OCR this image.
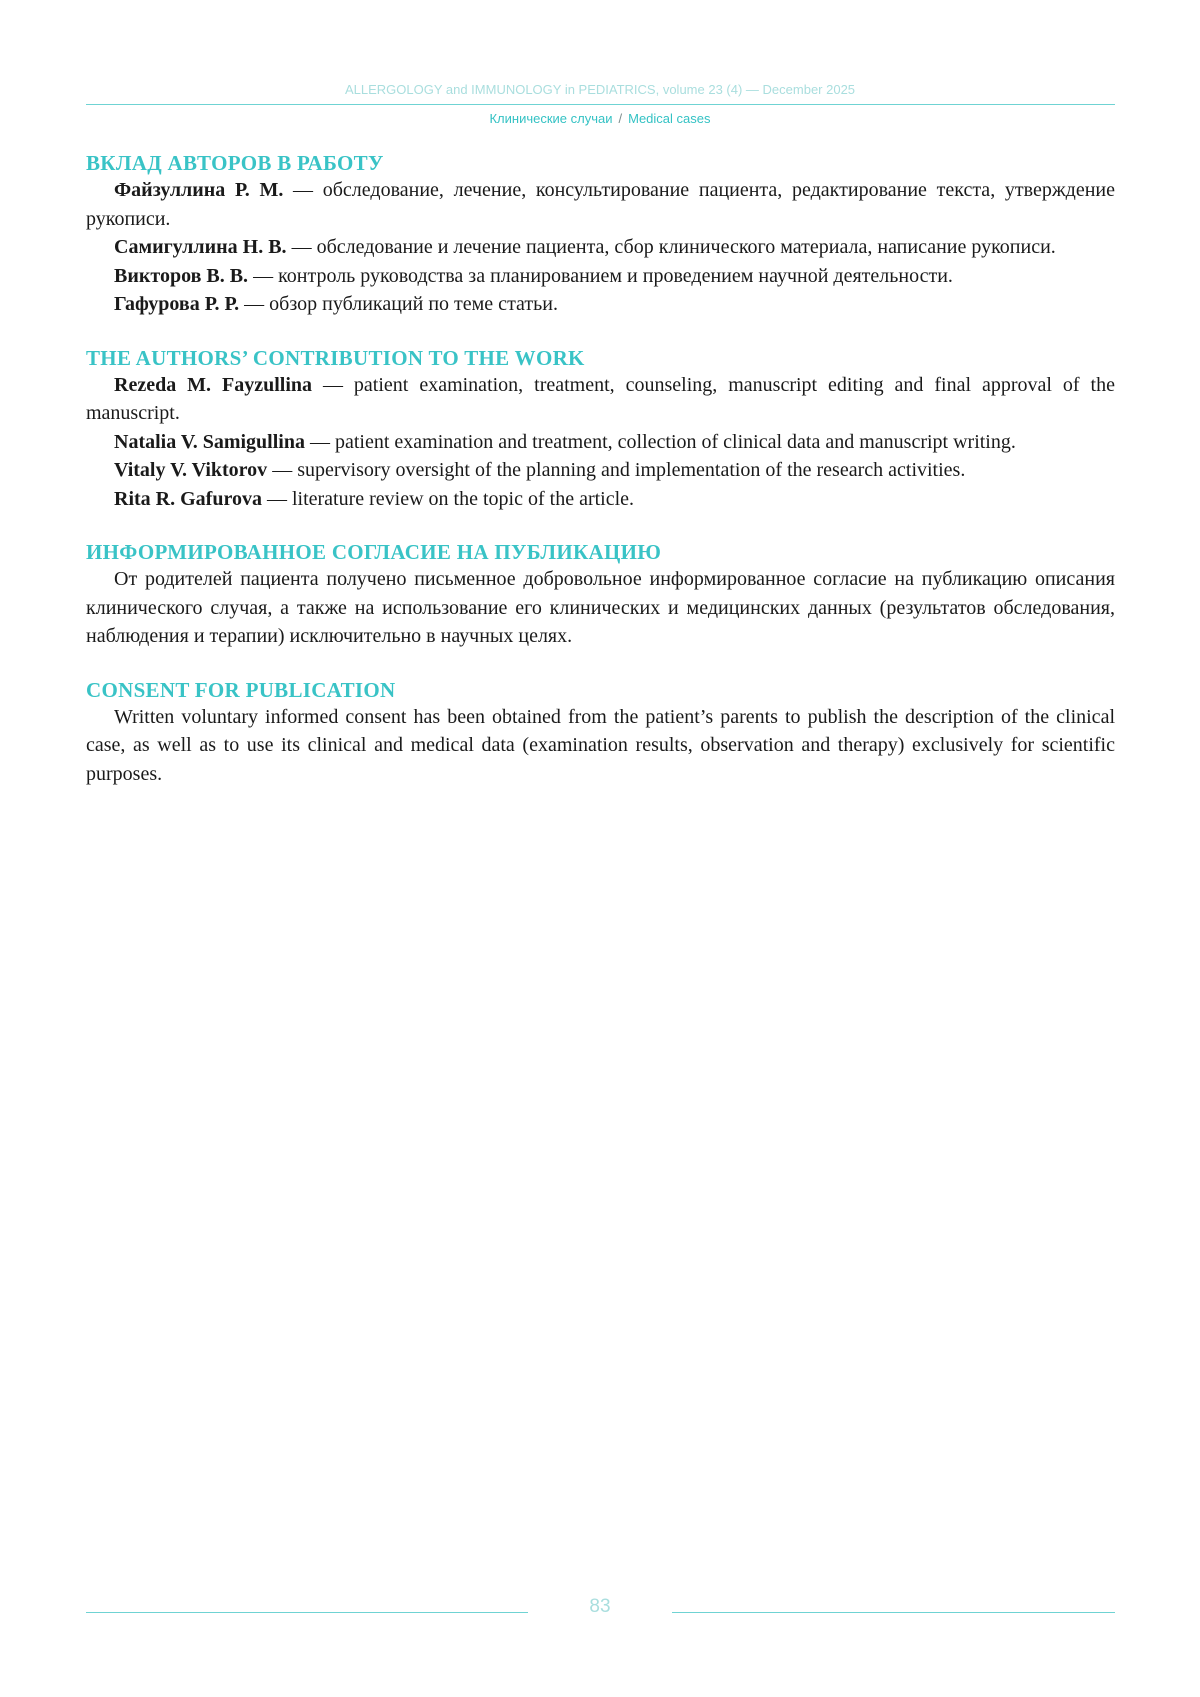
ALLERGOLOGY and IMMUNOLOGY in PEDIATRICS, volume 23 (4) — December 2025
Клинические случаи / Medical cases
ВКЛАД АВТОРОВ В РАБОТУ

Файзуллина Р. М. — обследование, лечение, консультирование пациента, редактирование текста, утверждение рукописи.

Самигуллина Н. В. — обследование и лечение пациента, сбор клинического материала, написание рукописи.

Викторов В. В. — контроль руководства за планированием и проведением научной деятельности.

Гафурова Р. Р. — обзор публикаций по теме статьи.

THE AUTHORS’ CONTRIBUTION TO THE WORK

Rezeda M. Fayzullina — patient examination, treatment, counseling, manuscript editing and final approval of the manuscript.

Natalia V. Samigullina — patient examination and treatment, collection of clinical data and manuscript writing.

Vitaly V. Viktorov — supervisory oversight of the planning and implementation of the research activities.

Rita R. Gafurova — literature review on the topic of the article.

ИНФОРМИРОВАННОЕ СОГЛАСИЕ НА ПУБЛИКАЦИЮ

От родителей пациента получено письменное добровольное информированное согласие на публикацию описания клинического случая, а также на использование его клинических и медицинских данных (результатов обследования, наблюдения и терапии) исключительно в научных целях.

CONSENT FOR PUBLICATION

Written voluntary informed consent has been obtained from the patient’s parents to publish the description of the clinical case, as well as to use its clinical and medical data (examination results, observation and therapy) exclusively for scientific purposes.

83
